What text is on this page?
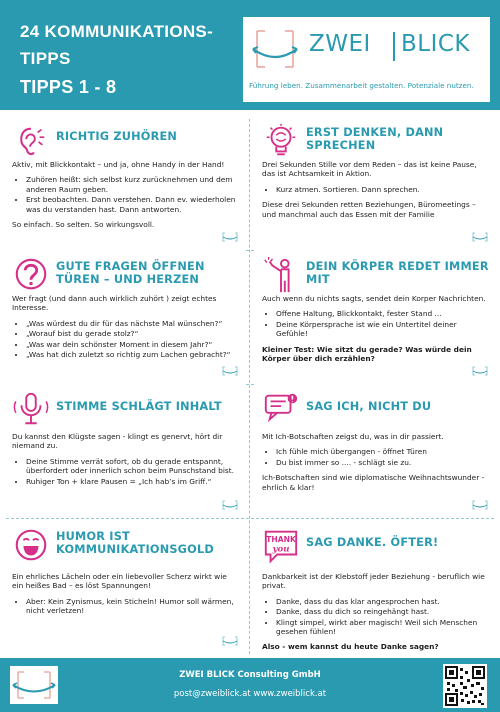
24 KOMMUNIKATIONS-
TIPPS
TIPPS 1 - 8
ZWEI BLICK
Führung leben. Zusammenarbeit gestalten. Potenziale nutzen.
RICHTIG ZUHÖREN

Aktiv, mit Blickkontakt – und ja, ohne Handy in der Hand!

• Zuhören heißt: sich selbst kurz zurücknehmen und dem anderen Raum geben.
• Erst beobachten. Dann verstehen. Dann ev. wiederholen was du verstanden hast. Dann antworten.

So einfach. So selten. So wirkungsvoll.

ERST DENKEN, DANN SPRECHEN

Drei Sekunden Stille vor dem Reden – das ist keine Pause, das ist Achtsamkeit in Aktion.

• Kurz atmen. Sortieren. Dann sprechen.

Diese drei Sekunden retten Beziehungen, Büromeetings – und manchmal auch das Essen mit der Familie

GUTE FRAGEN ÖFFNEN TÜREN – UND HERZEN

Wer fragt (und dann auch wirklich zuhört ) zeigt echtes Interesse.

• „Was würdest du dir für das nächste Mal wünschen?“
• „Worauf bist du gerade stolz?“
• „Was war dein schönster Moment in diesem Jahr?“
• „Was hat dich zuletzt so richtig zum Lachen gebracht?“
DEIN KÖRPER REDET IMMER MIT

Auch wenn du nichts sagts, sendet dein Korper Nachrichten.

• Offene Haltung, Blickkontakt, fester Stand ...
• Deine Körpersprache ist wie ein Untertitel deiner Gefühle!

Kleiner Test: Wie sitzt du gerade? Was würde dein Körper über dich erzählen?

STIMME SCHLÄGT INHALT

Du kannst den Klügste sagen - klingt es genervt, hört dir niemand zu.

• Deine Stimme verrät sofort, ob du gerade entspannt, überfordert oder innerlich schon beim Punschstand bist.
• Ruhiger Ton + klare Pausen = „Ich hab’s im Griff.“
SAG ICH, NICHT DU

Mit Ich-Botschaften zeigst du, was in dir passiert.

• Ich fühle mich übergangen - öffnet Türen
• Du bist immer so .... - schlägt sie zu.

Ich-Botschaften sind wie diplomatische Weihnachtswunder - ehrlich & klar!

HUMOR IST KOMMUNIKATIONSGOLD

Ein ehrliches Lächeln oder ein liebevoller Scherz wirkt wie ein heißes Bad – es löst Spannungen!

• Aber: Kein Zynismus, kein Sticheln! Humor soll wärmen, nicht verletzen!
THANK
you
SAG DANKE. ÖFTER!

Dankbarkeit ist der Klebstoff jeder Beziehung - beruflich wie privat.

• Danke, dass du das klar angesprochen hast.
• Danke, dass du dich so reingehängt hast.
• Klingt simpel, wirkt aber magisch! Weil sich Menschen gesehen fühlen!

Also - wem kannst du heute Danke sagen?

ZWEI BLICK Consulting GmbH
post@zweiblick.at www.zweiblick.at
